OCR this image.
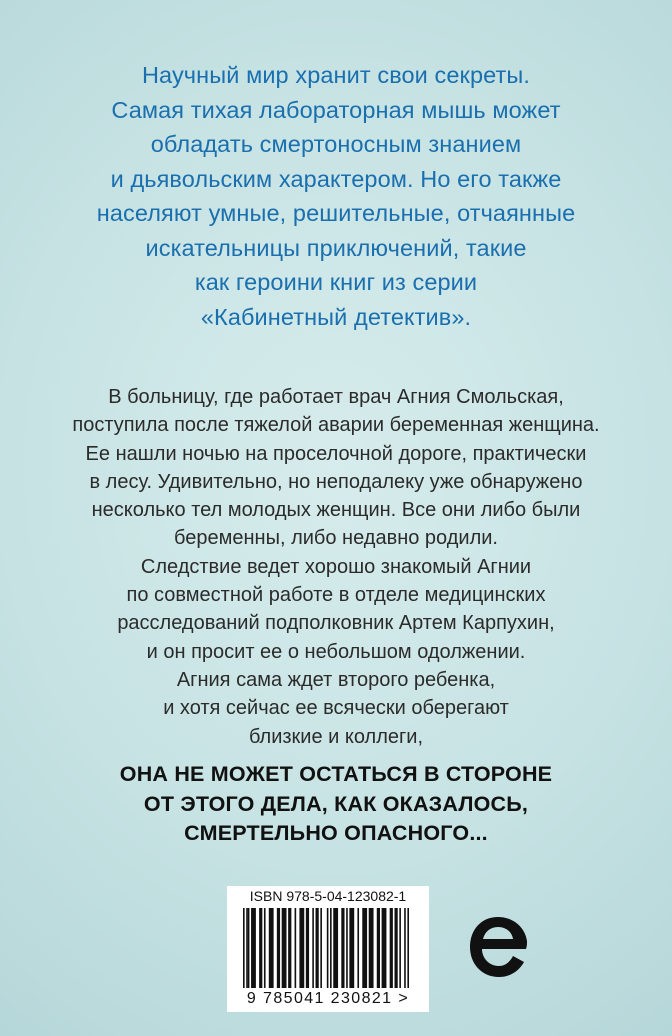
Научный мир хранит свои секреты.
Самая тихая лабораторная мышь может
обладать смертоносным знанием
и дьявольским характером. Но его также
населяют умные, решительные, отчаянные
искательницы приключений, такие
как героини книг из серии
«Кабинетный детектив».
В больницу, где работает врач Агния Смольская,
поступила после тяжелой аварии беременная женщина.
Ее нашли ночью на проселочной дороге, практически
в лесу. Удивительно, но неподалеку уже обнаружено
несколько тел молодых женщин. Все они либо были
беременны, либо недавно родили.
Следствие ведет хорошо знакомый Агнии
по совместной работе в отделе медицинских
расследований подполковник Артем Карпухин,
и он просит ее о небольшом одолжении.
Агния сама ждет второго ребенка,
и хотя сейчас ее всячески оберегают
близкие и коллеги,
ОНА НЕ МОЖЕТ ОСТАТЬСЯ В СТОРОНЕ
ОТ ЭТОГО ДЕЛА, КАК ОКАЗАЛОСЬ,
СМЕРТЕЛЬНО ОПАСНОГО...
ISBN 978-5-04-123082-1
9 785041 230821 >
